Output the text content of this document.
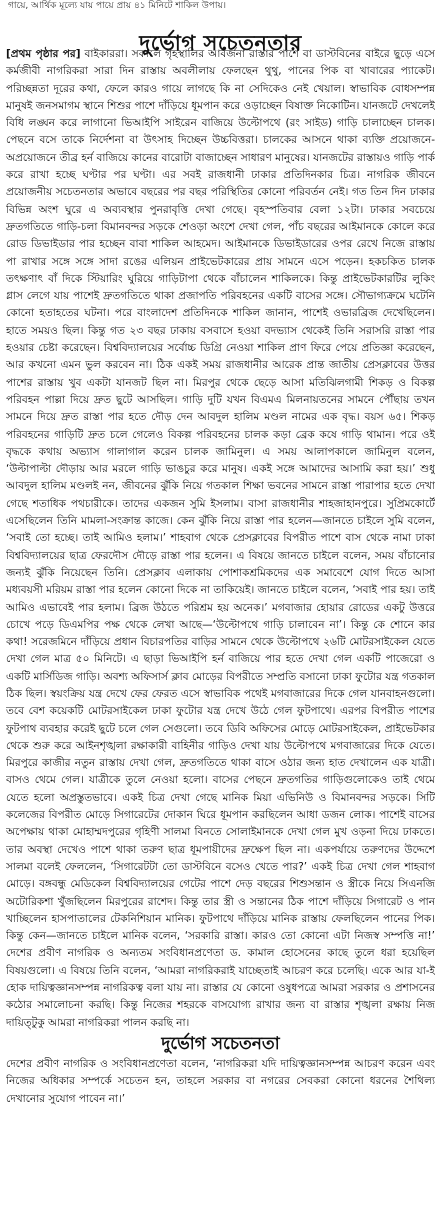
গায়ে, আর্থিক মূল্যে যায় পায়ে প্রায় ৪১ মিনিটে শাকিল উপায়।
দুর্ভোগ সচেতনতার

[প্রথম পৃষ্ঠার পর] বাইকাররা। সকালে গৃহস্থালির আবর্জনা রাস্তার পাশে বা ডাস্টবিনের বাইরে ছুড়ে এসে কর্মজীবী নাগরিকরা সারা দিন রাস্তায় অবলীলায় ফেলছেন থুথু, পানের পিক বা খাবারের প্যাকেট। পরিচ্ছন্নতা দূরের কথা, ফেলে কারও গায়ে লাগছে কি না সেদিকেও নেই খেয়াল। স্বাভাবিক বোধসম্পন্ন মানুষই জনসমাগম স্থানে শিশুর পাশে দাঁড়িয়ে ধূমপান করে ওড়াচ্ছেন বিষাক্ত নিকোটিন। যানজটে দেখলেই বিধি লঙ্ঘন করে লাগানো ভিআইপি সাইরেন বাজিয়ে উল্টোপথে (রং সাইড) গাড়ি চালাচ্ছেন চালক। পেছনে বসে তাকে নির্দেশনা বা উৎসাহ দিচ্ছেন উচ্চবিত্তরা। চালকের আসনে থাকা ব্যক্তি প্রয়োজনে-অপ্রয়োজনে তীব্র হর্ন বাজিয়ে কানের বারোটা বাজাচ্ছেন সাধারণ মানুষের। যানজটের রাস্তায়ও গাড়ি পার্ক করে রাখা হচ্ছে ঘণ্টার পর ঘণ্টা। এর সবই রাজধানী ঢাকার প্রতিদিনকার চিত্র। নাগরিক জীবনে প্রয়োজনীয় সচেতনতার অভাবে বছরের পর বছর পরিস্থিতির কোনো পরিবর্তন নেই। গত তিন দিন ঢাকার বিভিন্ন অংশ ঘুরে এ অব্যবস্থার পুনরাবৃত্তি দেখা গেছে। বৃহস্পতিবার বেলা ১২টা। ঢাকার সবচেয়ে দ্রুতগতিতে গাড়ি-চলা বিমানবন্দর সড়কে শেওড়া অংশে দেখা গেল, পাঁচ বছরের আইমানকে কোলে করে রোড ডিভাইডার পার হচ্ছেন বাবা শাকিল আহমেদ। আইমানকে ডিভাইডারের ওপর রেখে নিজে রাস্তায় পা রাখার সঙ্গে সঙ্গে সাদা রঙের এলিয়ন প্রাইভেটকারের প্রায় সামনে এসে পড়েন। হকচকিত চালক তৎক্ষণাৎ বাঁ দিকে স্টিয়ারিং ঘুরিয়ে গাড়িটাপা থেকে বাঁচালেন শাকিলকে। কিন্তু প্রাইভেটকারটির লুকিং গ্লাস লেগে যায় পাশেই দ্রুতগতিতে থাকা প্রজাপতি পরিবহনের একটি বাসের সঙ্গে। সৌভাগ্যক্রমে ঘটেনি কোনো হতাহতের ঘটনা। পরে বাংলাদেশ প্রতিদিনকে শাকিল জানান, পাশেই ওভারব্রিজ দেখেছিলেন। হাতে সময়ও ছিল। কিন্তু গত ২৩ বছর ঢাকায় বসবাসে হওয়া বদভ্যাস থেকেই তিনি সরাসরি রাস্তা পার হওয়ার চেষ্টা করেছেন। বিশ্ববিদ্যালয়ের সর্বোচ্চ ডিগ্রি নেওয়া শাকিল প্রাণ ফিরে পেয়ে প্রতিজ্ঞা করেছেন, আর কখনো এমন ভুল করবেন না। ঠিক একই সময় রাজধানীর আরেক প্রান্ত জাতীয় প্রেসক্লাবের উত্তর পাশের রাস্তায় খুব একটা যানজট ছিল না। মিরপুর থেকে ছেড়ে আসা মতিঝিলগামী শিকড় ও বিকল্প পরিবহন পাল্লা দিয়ে দ্রুত ছুটে আসছিল। গাড়ি দুটি যখন বিএমএ মিলনায়তনের সামনে পৌঁছায় তখন সামনে দিয়ে দ্রুত রাস্তা পার হতে দৌড় দেন আবদুল হালিম মণ্ডল নামের এক বৃদ্ধ। বয়স ৬৫। শিকড় পরিবহনের গাড়িটি দ্রুত চলে গেলেও বিকল্প পরিবহনের চালক কড়া ব্রেক কষে গাড়ি থামান। পরে ওই বৃদ্ধকে কথায় অভ্যাস গালাগাল করেন চালক জামিনুল। এ সময় আলাপকালে জামিনুল বলেন, ‘উল্টাপাল্টা দৌড়ায় আর মরলে গাড়ি ভাঙচুর করে মানুষ। একই সঙ্গে আমাদের আসামি করা হয়।’ শুধু আবদুল হালিম মণ্ডলই নন, জীবনের ঝুঁকি নিয়ে গতকাল শিক্ষা ভবনের সামনে রাস্তা পারাপার হতে দেখা গেছে শতাধিক পথচারীকে। তাদের একজন সুমি ইসলাম। বাসা রাজধানীর শাহজাহানপুরে। সুপ্রিমকোর্টে এসেছিলেন তিনি মামলা-সংক্রান্ত কাজে। কেন ঝুঁকি নিয়ে রাস্তা পার হলেন—জানতে চাইলে সুমি বলেন, ‘সবাই তো হচ্ছে। তাই আমিও হলাম।’ শাহবাগ থেকে প্রেসক্লাবের বিপরীত পাশে বাস থেকে নামা ঢাকা বিশ্ববিদ্যালয়ের ছাত্র ফেরদৌস দৌড়ে রাস্তা পার হলেন। এ বিষয়ে জানতে চাইলে বলেন, সময় বাঁচানোর জন্যই ঝুঁকি নিয়েছেন তিনি। প্রেসক্লাব এলাকায় পোশাকশ্রমিকদের এক সমাবেশে যোগ দিতে আসা মধ্যবয়সী মরিয়ম রাস্তা পার হলেন কোনো দিকে না তাকিয়েই। জানতে চাইলে বলেন, ‘সবাই পার হয়। তাই আমিও এভাবেই পার হলাম। ব্রিজ উঠতে পরিশ্রম হয় অনেক।’ মগবাজার হোয়ার রোডের একটু উত্তরে চোখে পড়ে ডিএমপির পক্ষ থেকে লেখা আছে—‘উল্টোপথে গাড়ি চালাবেন না’। কিন্তু কে শোনে কার কথা! সরেজমিনে দাঁড়িয়ে প্রধান বিচারপতির বাড়ির সামনে থেকে উল্টোপথে ২৬টি মোটরসাইকেল যেতে দেখা গেল মাত্র ৫০ মিনিটে। এ ছাড়া ভিআইপি হর্ন বাজিয়ে পার হতে দেখা গেল একটি পাজেরো ও একটি মার্সিডিজ গাড়ি। অবশ্য অফিসার্স ক্লাব মোড়ের বিপরীতে সম্প্রতি বসানো ঢাকা ফুটোর যন্ত্র গতকাল ঠিক ছিল। স্বয়ংক্রিয় যন্ত্র দেখে ফের ফেরত এসে স্বাভাবিক পথেই মগবাজারের দিকে গেল যানবাহনগুলো। তবে বেশ কয়েকটি মোটরসাইকেল ঢাকা ফুটোর যন্ত্র দেখে উঠে গেল ফুটপাথে। এরপর বিপরীত পাশের ফুটপাথ ব্যবহার করেই ছুটে চলে গেল সেগুলো। তবে ডিবি অফিসের মোড়ে মোটরসাইকেল, প্রাইভেটকার থেকে শুরু করে আইনশৃঙ্খলা রক্ষাকারী বাহিনীর গাড়িও দেখা যায় উল্টোপথে মগবাজারের দিকে যেতে। মিরপুরে কাজীর নতুন রাস্তায় দেখা গেল, দ্রুতগতিতে থাকা বাসে ওঠার জন্য হাত দেখালেন এক যাত্রী। বাসও থেমে গেল। যাত্রীকে তুলে নেওয়া হলো। বাসের পেছনে দ্রুতগতির গাড়িগুলোকেও তাই থেমে যেতে হলো অপ্রস্তুতভাবে। একই চিত্র দেখা গেছে মানিক মিয়া এভিনিউ ও বিমানবন্দর সড়কে। সিটি কলেজের বিপরীত মোড়ে সিগারেটের দোকান ঘিরে ধূমপান করছিলেন আধা ডজন লোক। পাশেই বাসের অপেক্ষায় থাকা মোহাম্মদপুরের গৃহিণী সালমা বিনতে সোলাইমানকে দেখা গেল মুখ ওড়না দিয়ে ঢাকতে। তার অবস্থা দেখেও পাশে থাকা তরুণ ছাত্র ধূমপায়ীদের দ্রুক্ষেপ ছিল না। একপর্যায়ে তরুণদের উদ্দেশে সালমা বলেই ফেললেন, ‘সিগারেটটা তো ডাস্টবিনে বসেও খেতে পার?’ একই চিত্র দেখা গেল শাহবাগ মোড়ে। বঙ্গবন্ধু মেডিকেল বিশ্ববিদ্যালয়ের গেটের পাশে দেড় বছরের শিশুসন্তান ও স্ত্রীকে নিয়ে সিএনজি অটোরিকশা খুঁজছিলেন মিরপুরের রাশেদ। কিন্তু তার স্ত্রী ও সন্তানের ঠিক পাশে দাঁড়িয়ে সিগারেট ও পান খাচ্ছিলেন হাসপাতালের টেকনিশিয়ান মানিক। ফুটপাথে দাঁড়িয়ে মানিক রাস্তায় ফেলছিলেন পানের পিক। কিন্তু কেন—জানতে চাইলে মানিক বলেন, ‘সরকারি রাস্তা। কারও তো কোনো এটা নিজস্ব সম্পত্তি না!’ দেশের প্রবীণ নাগরিক ও অন্যতম সংবিধানপ্রণেতা ড. কামাল হোসেনের কাছে তুলে ধরা হয়েছিল বিষয়গুলো। এ বিষয়ে তিনি বলেন, ‘আমরা নাগরিকরাই যাচ্ছেতাই আচরণ করে চলেছি। একে আর যা-ই হোক দায়িত্বজ্ঞানসম্পন্ন নাগরিকত্ব বলা যায় না। রাস্তার যে কোনো ওষুধপত্রে আমরা সরকার ও প্রশাসনের কঠোর সমালোচনা করছি। কিন্তু নিজের শহরকে বাসযোগ্য রাখার জন্য বা রাস্তার শৃঙ্খলা রক্ষায় নিজ দায়িত্টুকু আমরা নাগরিকরা পালন করছি না।

দুর্ভোগ সচেতনতা

দেশের প্রবীণ নাগরিক ও সংবিধানপ্রণেতা বলেন, ‘নাগরিকরা যদি দায়িত্বজ্ঞানসম্পন্ন আচরণ করেন এবং নিজের অধিকার সম্পর্কে সচেতন হন, তাহলে সরকার বা নগরের সেবকরা কোনো ধরনের শৈথিল্য দেখানোর সুযোগ পাবেন না।’
